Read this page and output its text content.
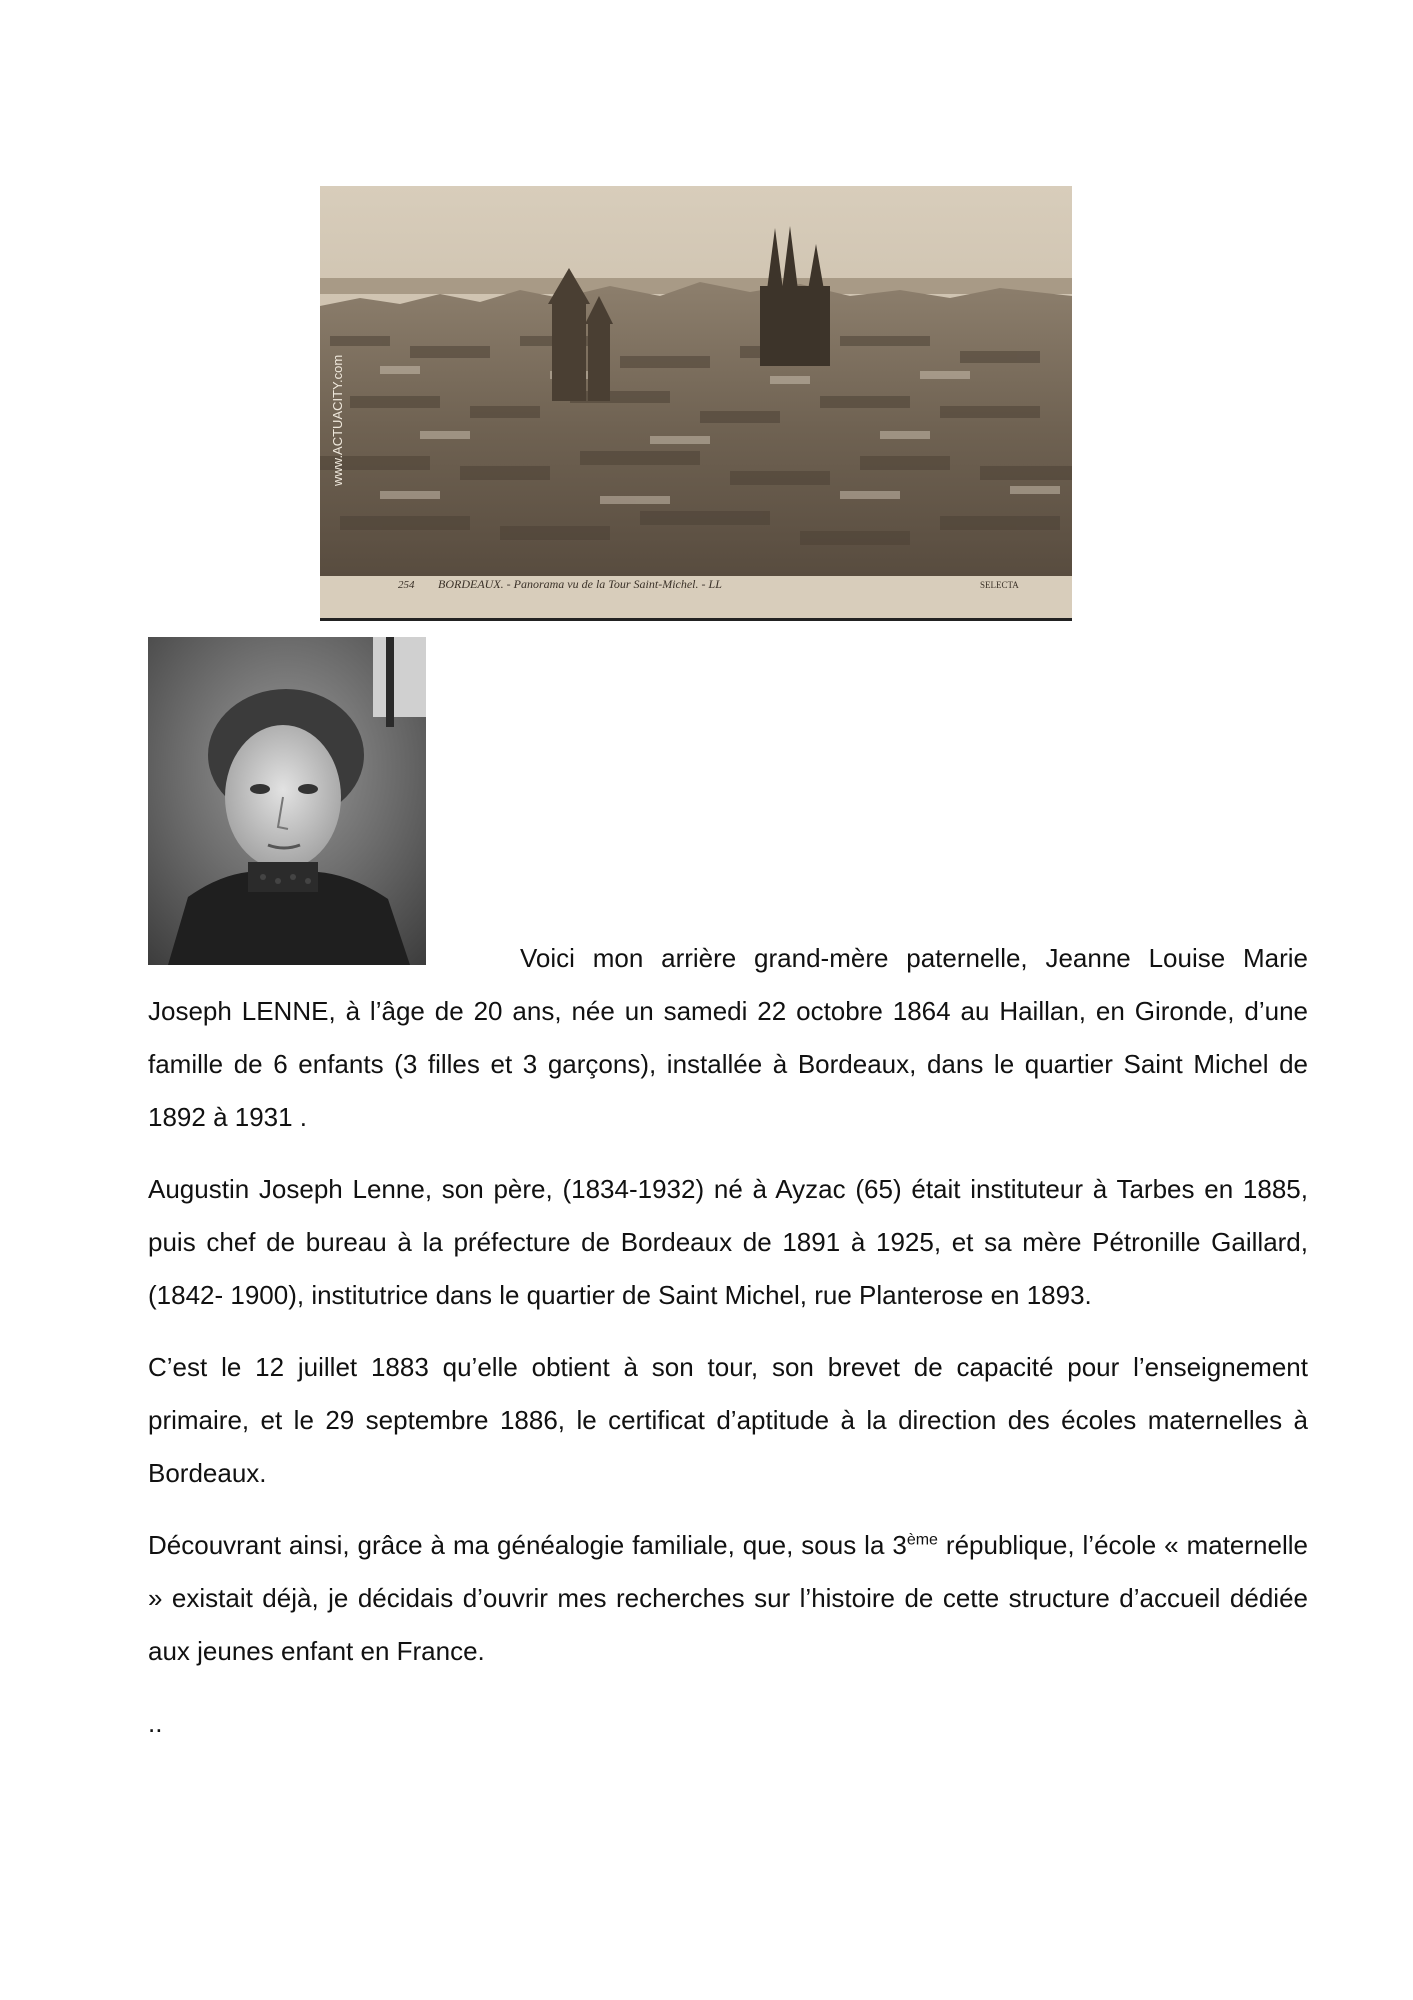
254 BORDEAUX. - Panorama vu de la Tour Saint-Michel. - LL	SELECTA
www.ACTUACITY.com

Voici mon arrière grand-mère paternelle, Jeanne Louise Marie Joseph LENNE, à l’âge de 20 ans, née un samedi 22 octobre 1864 au Haillan, en Gironde, d’une famille de 6 enfants (3 filles et 3 garçons), installée à Bordeaux, dans le quartier Saint Michel de 1892 à 1931 .

Augustin Joseph Lenne, son père, (1834-1932) né à Ayzac (65) était instituteur à Tarbes en 1885, puis chef de bureau à la préfecture de Bordeaux de 1891 à 1925, et sa mère Pétronille Gaillard, (1842- 1900), institutrice dans le quartier de Saint Michel, rue Planterose en 1893.

C’est le 12 juillet 1883 qu’elle obtient à son tour, son brevet de capacité pour l’enseignement primaire, et le 29 septembre 1886, le certificat d’aptitude à la direction des écoles maternelles à Bordeaux.

Découvrant ainsi, grâce à ma généalogie familiale, que, sous la 3ème république, l’école « maternelle » existait déjà, je décidais d’ouvrir mes recherches sur l’histoire de cette structure d’accueil dédiée aux jeunes enfant en France.

..
